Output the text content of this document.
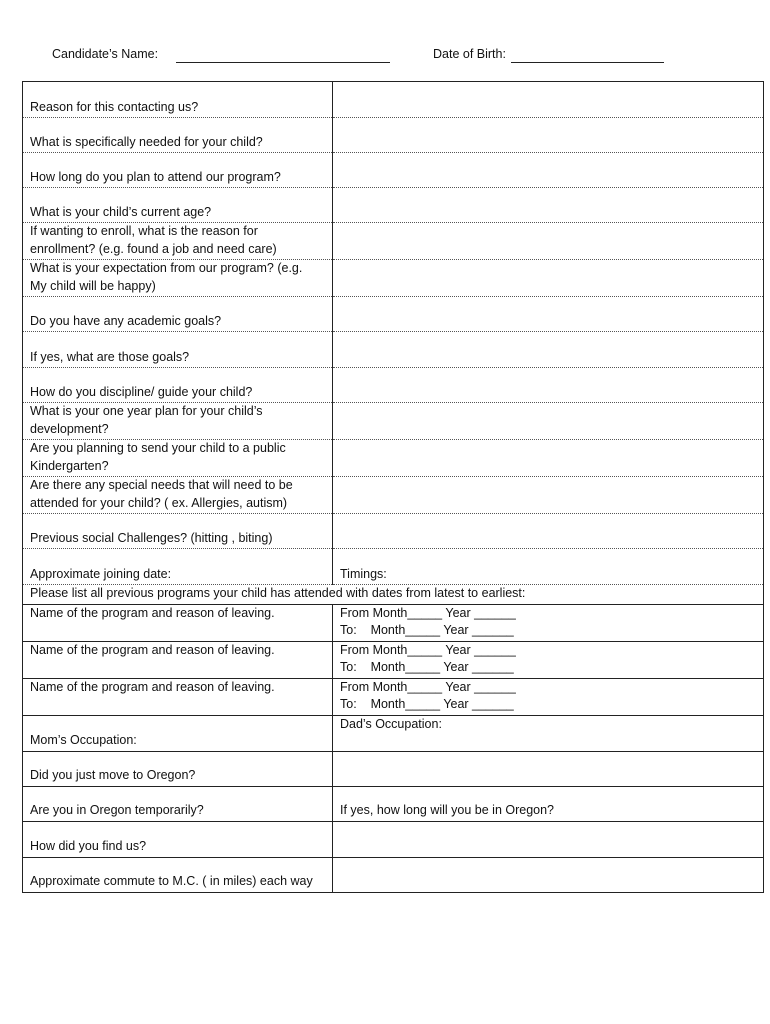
Candidate’s Name:	Date of Birth:
Reason for this contacting us?	
What is specifically needed for your child?	
How long do you plan to attend our program?	
What is your child’s current age?	

If wanting to enroll, what is the reason for
enrollment? (e.g. found a job and need care)	

What is your expectation from our program? (e.g.
My child will be happy)	

Do you have any academic goals?	
If yes, what are those goals?	
How do you discipline/ guide your child?	

What is your one year plan for your child’s
development?	

Are you planning to send your child to a public
Kindergarten?	

Are there any special needs that will need to be
attended for your child? ( ex. Allergies, autism)	

Previous social Challenges? (hitting , biting)	
Approximate joining date:	Timings:
Please list all previous programs your child has attended with dates from latest to earliest:	
Name of the program and reason of leaving.	From Month_____ Year ______
To:    Month_____ Year ______

Name of the program and reason of leaving.	From Month_____ Year ______
To:    Month_____ Year ______

Name of the program and reason of leaving.	From Month_____ Year ______
To:    Month_____ Year ______

Mom’s Occupation:	Dad’s Occupation:
Did you just move to Oregon?	
Are you in Oregon temporarily?	If yes, how long will you be in Oregon?
How did you find us?	
Approximate commute to M.C. ( in miles) each way	
